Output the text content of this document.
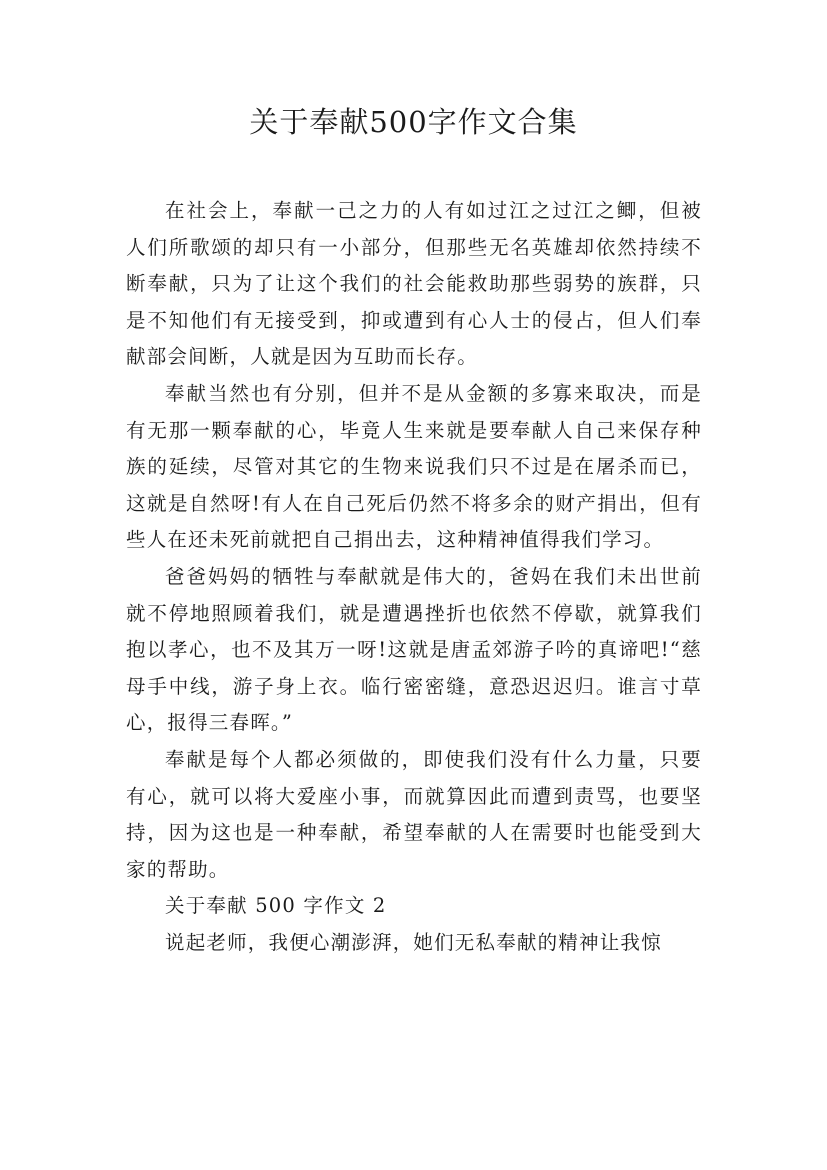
关于奉献500字作文合集

在社会上，奉献一己之力的人有如过江之过江之鲫，但被人们所歌颂的却只有一小部分，但那些无名英雄却依然持续不断奉献，只为了让这个我们的社会能救助那些弱势的族群，只是不知他们有无接受到，抑或遭到有心人士的侵占，但人们奉献部会间断，人就是因为互助而长存。

奉献当然也有分别，但并不是从金额的多寡来取决，而是有无那一颗奉献的心，毕竟人生来就是要奉献人自己来保存种族的延续，尽管对其它的生物来说我们只不过是在屠杀而已，这就是自然呀!有人在自己死后仍然不将多余的财产捐出，但有些人在还未死前就把自己捐出去，这种精神值得我们学习。

爸爸妈妈的牺牲与奉献就是伟大的，爸妈在我们未出世前就不停地照顾着我们，就是遭遇挫折也依然不停歇，就算我们抱以孝心，也不及其万一呀!这就是唐孟郊游子吟的真谛吧!“慈母手中线，游子身上衣。临行密密缝，意恐迟迟归。谁言寸草心，报得三春晖。”

奉献是每个人都必须做的，即使我们没有什么力量，只要有心，就可以将大爱座小事，而就算因此而遭到责骂，也要坚持，因为这也是一种奉献，希望奉献的人在需要时也能受到大家的帮助。

关于奉献 500 字作文 2

说起老师，我便心潮澎湃，她们无私奉献的精神让我惊
